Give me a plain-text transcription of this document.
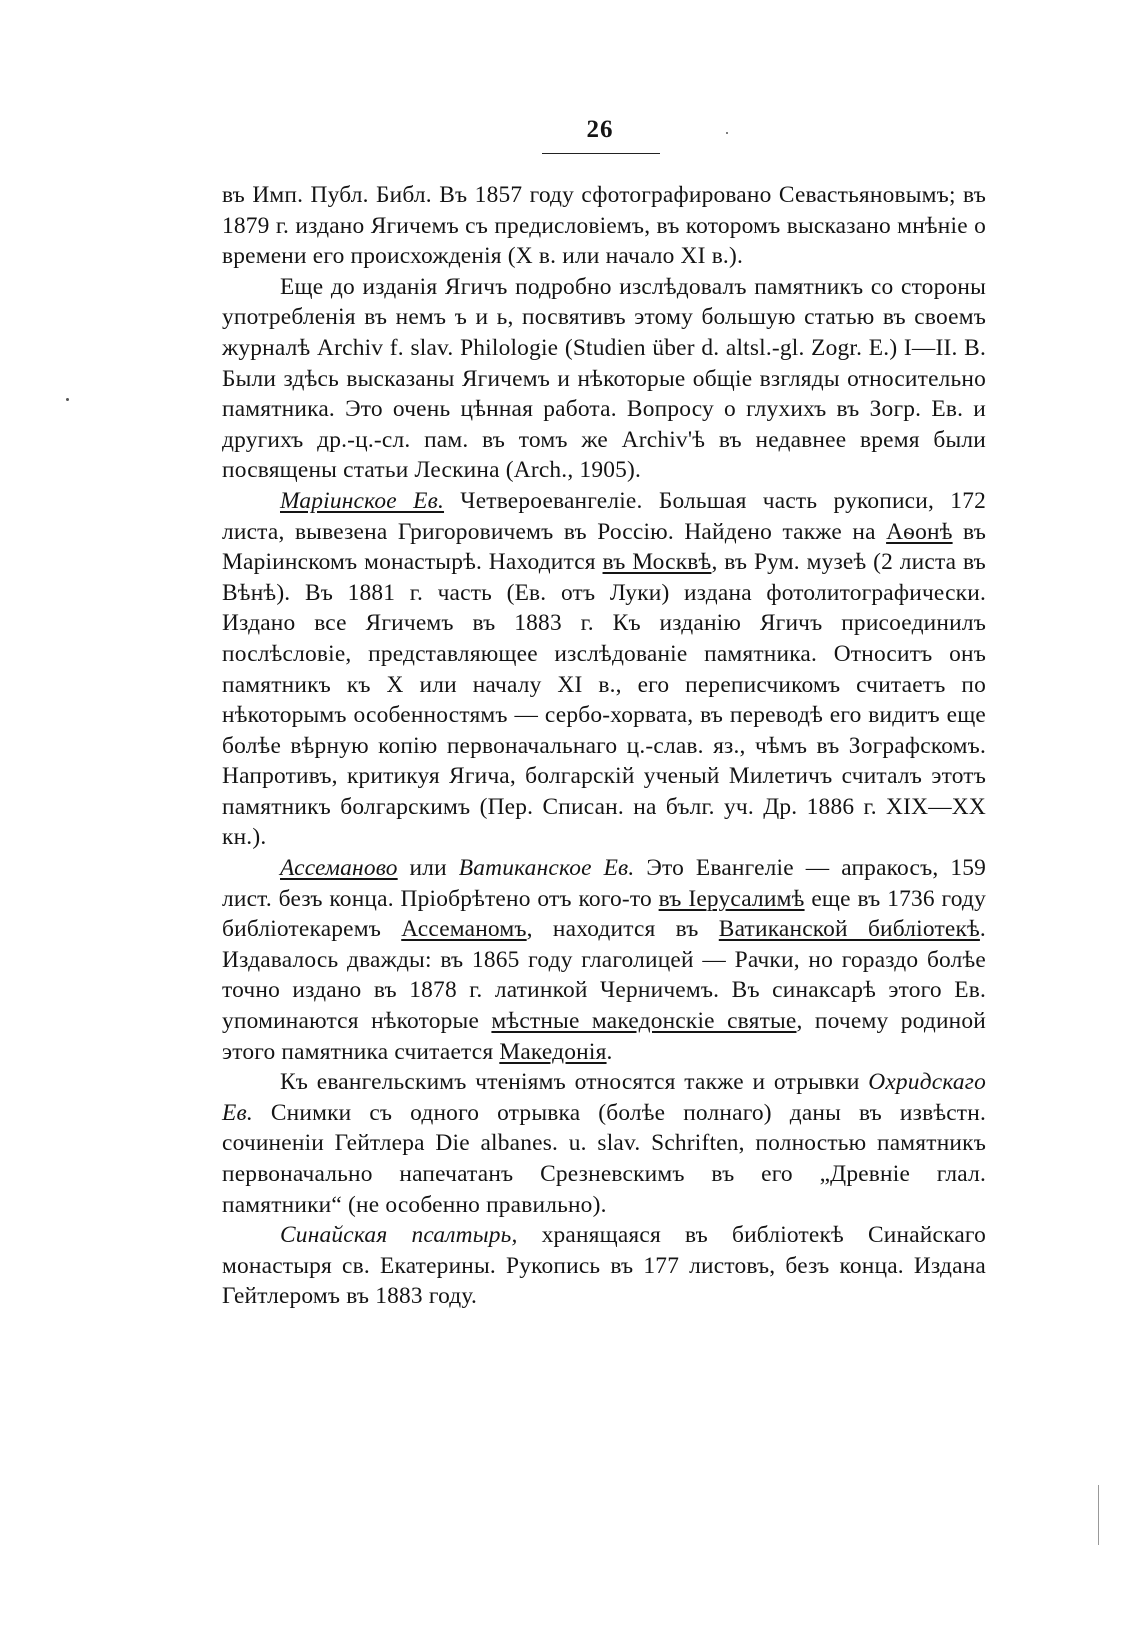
26

въ Имп. Публ. Библ. Въ 1857 году сфотографировано Севастьяновымъ; въ 1879 г. издано Ягичемъ съ предисловіемъ, въ которомъ высказано мнѣніе о времени его происхожденія (X в. или начало XI в.).

Еще до изданія Ягичъ подробно изслѣдовалъ памятникъ со стороны употребленія въ немъ ъ и ь, посвятивъ этому большую статью въ своемъ журналѣ Archiv f. slav. Philologie (Studien über d. altsl.-gl. Zogr. E.) I—II. B. Были здѣсь высказаны Ягичемъ и нѣкоторые общіе взгляды относительно памятника. Это очень цѣнная работа. Вопросу о глухихъ въ Зогр. Ев. и другихъ др.-ц.-сл. пам. въ томъ же Archiv'ѣ въ недавнее время были посвящены статьи Лескина (Arch., 1905).

Маріинское Ев. Четвероевангеліе. Большая часть рукописи, 172 листа, вывезена Григоровичемъ въ Россію. Найдено также на Аѳонѣ въ Маріинскомъ монастырѣ. Находится въ Москвѣ, въ Рум. музеѣ (2 листа въ Вѣнѣ). Въ 1881 г. часть (Ев. отъ Луки) издана фотолитографически. Издано все Ягичемъ въ 1883 г. Къ изданію Ягичъ присоединилъ послѣсловіе, представляющее изслѣдованіе памятника. Относитъ онъ памятникъ къ X или началу XI в., его переписчикомъ считаетъ по нѣкоторымъ особенностямъ — сербо-хорвата, въ переводѣ его видитъ еще болѣе вѣрную копію первоначальнаго ц.-слав. яз., чѣмъ въ Зографскомъ. Напротивъ, критикуя Ягича, болгарскій ученый Милетичъ считалъ этотъ памятникъ болгарскимъ (Пер. Списан. на бълг. уч. Др. 1886 г. XIX—XX кн.).

Ассеманово или Ватиканское Ев. Это Евангеліе — апракосъ, 159 лист. безъ конца. Пріобрѣтено отъ кого-то въ Іерусалимѣ еще въ 1736 году библіотекаремъ Ассеманомъ, находится въ Ватиканской библіотекѣ. Издавалось дважды: въ 1865 году глаголицей — Рачки, но гораздо болѣе точно издано въ 1878 г. латинкой Черничемъ. Въ синаксарѣ этого Ев. упоминаются нѣкоторые мѣстные македонскіе святые, почему родиной этого памятника считается Македонія.

Къ евангельскимъ чтеніямъ относятся также и отрывки Охридскаго Ев. Снимки съ одного отрывка (болѣе полнаго) даны въ извѣстн. сочиненіи Гейтлера Die albanes. u. slav. Schriften, полностью памятникъ первоначально напечатанъ Срезневскимъ въ его „Древніе глал. памятники“ (не особенно правильно).

Синайская псалтырь, хранящаяся въ библіотекѣ Синайскаго монастыря св. Екатерины. Рукопись въ 177 листовъ, безъ конца. Издана Гейтлеромъ въ 1883 году.
